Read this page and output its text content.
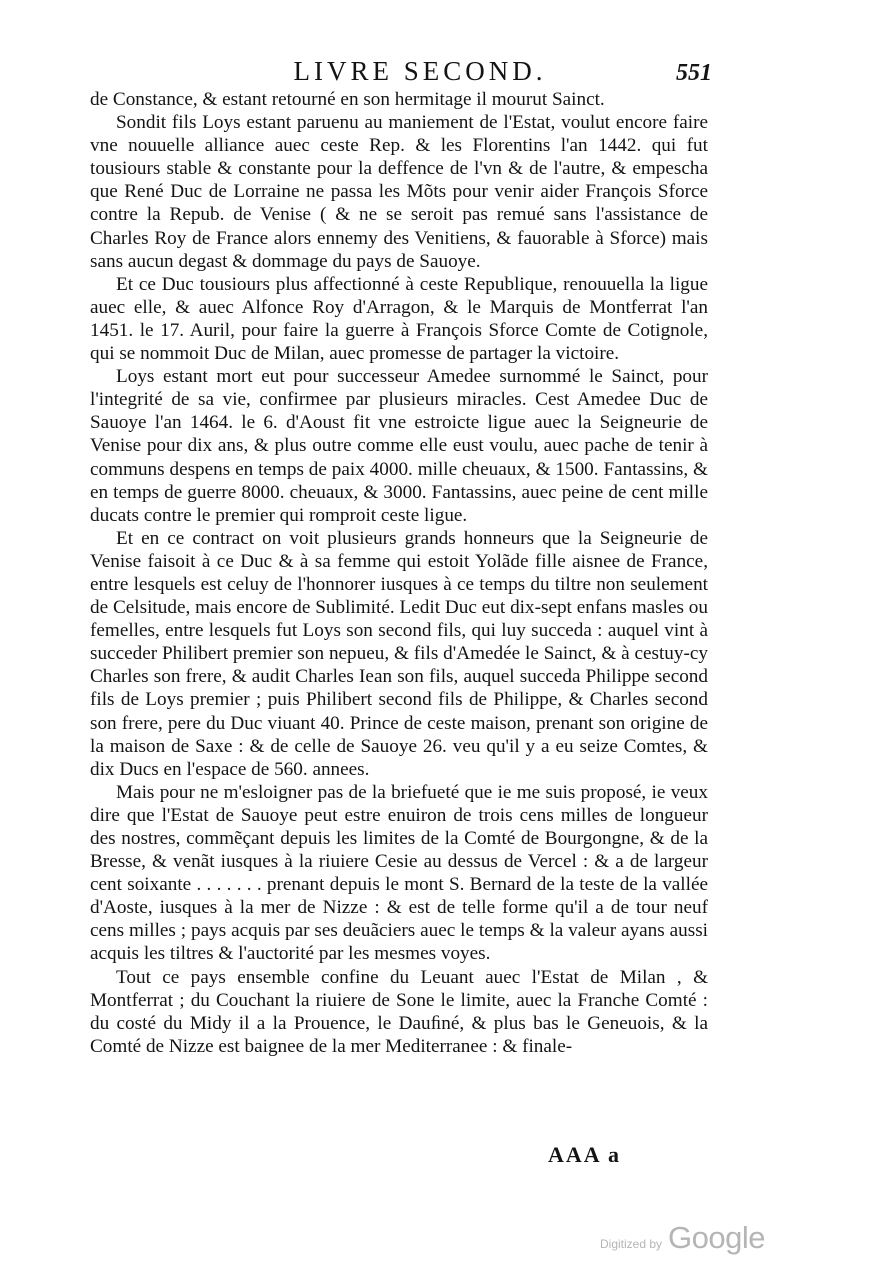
LIVRE SECOND.	551

de Constance, & estant retourné en son hermitage il mourut Sainct.

Sondit fils Loys estant paruenu au maniement de l'Estat, voulut encore faire vne nouuelle alliance auec ceste Rep. & les Florentins l'an 1442. qui fut tousiours stable & constante pour la deffence de l'vn & de l'autre, & empescha que René Duc de Lorraine ne passa les Mõts pour venir aider François Sforce contre la Repub. de Venise ( & ne se seroit pas remué sans l'assistance de Charles Roy de France alors ennemy des Venitiens, & fauorable à Sforce) mais sans aucun degast & dommage du pays de Sauoye.

Et ce Duc tousiours plus affectionné à ceste Republique, renouuella la ligue auec elle, & auec Alfonce Roy d'Arragon, & le Marquis de Montferrat l'an 1451. le 17. Auril, pour faire la guerre à François Sforce Comte de Cotignole, qui se nommoit Duc de Milan, auec promesse de partager la victoire.

Loys estant mort eut pour successeur Amedee surnommé le Sainct, pour l'integrité de sa vie, confirmee par plusieurs miracles. Cest Amedee Duc de Sauoye l'an 1464. le 6. d'Aoust fit vne estroicte ligue auec la Seigneurie de Venise pour dix ans, & plus outre comme elle eust voulu, auec pache de tenir à communs despens en temps de paix 4000. mille cheuaux, & 1500. Fantassins, & en temps de guerre 8000. cheuaux, & 3000. Fantassins, auec peine de cent mille ducats contre le premier qui romproit ceste ligue.

Et en ce contract on voit plusieurs grands honneurs que la Seigneurie de Venise faisoit à ce Duc & à sa femme qui estoit Yolãde fille aisnee de France, entre lesquels est celuy de l'honnorer iusques à ce temps du tiltre non seulement de Celsitude, mais encore de Sublimité. Ledit Duc eut dix-sept enfans masles ou femelles, entre lesquels fut Loys son second fils, qui luy succeda : auquel vint à succeder Philibert premier son nepueu, & fils d'Amedée le Sainct, & à cestuy-cy Charles son frere, & audit Charles Iean son fils, auquel succeda Philippe second fils de Loys premier ; puis Philibert second fils de Philippe, & Charles second son frere, pere du Duc viuant 40. Prince de ceste maison, prenant son origine de la maison de Saxe : & de celle de Sauoye 26. veu qu'il y a eu seize Comtes, & dix Ducs en l'espace de 560. annees.

Mais pour ne m'esloigner pas de la briefueté que ie me suis proposé, ie veux dire que l'Estat de Sauoye peut estre enuiron de trois cens milles de longueur des nostres, commẽçant depuis les limites de la Comté de Bourgongne, & de la Bresse, & venãt iusques à la riuiere Cesie au dessus de Vercel : & a de largeur cent soixante . . . . . . . prenant depuis le mont S. Bernard de la teste de la vallée d'Aoste, iusques à la mer de Nizze : & est de telle forme qu'il a de tour neuf cens milles ; pays acquis par ses deuãciers auec le temps & la valeur ayans aussi acquis les tiltres & l'auctorité par les mesmes voyes.

Tout ce pays ensemble confine du Leuant auec l'Estat de Milan , & Montferrat ; du Couchant la riuiere de Sone le limite, auec la Franche Comté : du costé du Midy il a la Prouence, le Dauﬁné, & plus bas le Geneuois, & la Comté de Nizze est baignee de la mer Mediterranee : & finale-

AAA a
Digitized by Google
